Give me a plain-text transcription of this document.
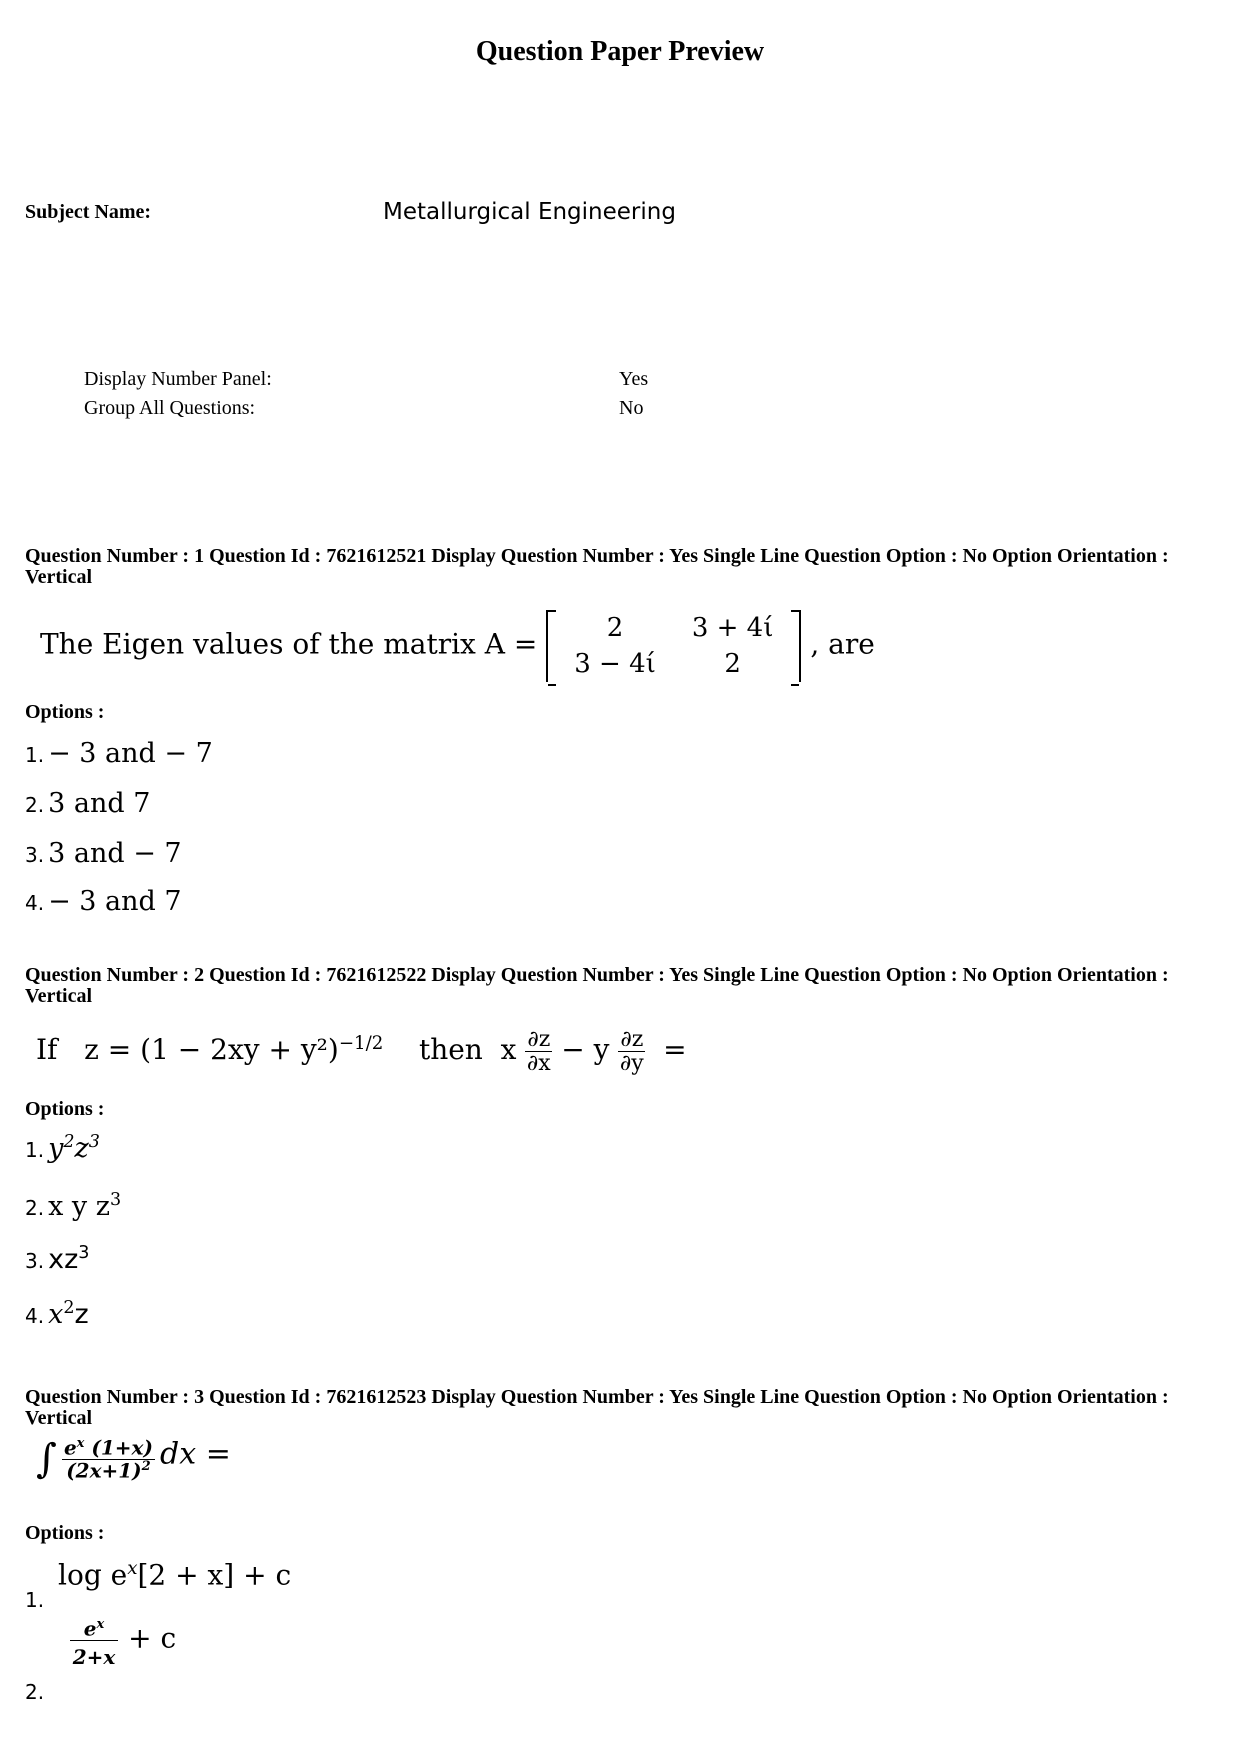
Question Paper Preview
Subject Name:	Metallurgical Engineering
Display Number Panel:	Yes
Group All Questions:	No
Question Number : 1 Question Id : 7621612521 Display Question Number : Yes Single Line Question Option : No Option Orientation : Vertical
The Eigen values of the matrix A =	2	3 + 4ί
3 − 4ί	2
, are
Options :
1. − 3 and − 7
2. 3 and 7
3. 3 and − 7
4. − 3 and 7
Question Number : 2 Question Id : 7621612522 Display Question Number : Yes Single Line Question Option : No Option Orientation : Vertical
If $z = (1 - 2xy + y^2)^{-1/2}$ then x $\frac{\partial z}{\partial x} - y \frac{\partial z}{\partial y}$ =
Options :
1. $y^2z^3$
2. x y $z^3$
3. $xz^3$
4. $x^2z$
Question Number : 3 Question Id : 7621612523 Display Question Number : Yes Single Line Question Option : No Option Orientation : Vertical
∫ $\frac{e^x (1+x)}{(2x+1)^2}$ dx =
Options :
$\log e^x[2 + x] + c$
1.
$\frac{e^x}{2+x} + c$
2.
